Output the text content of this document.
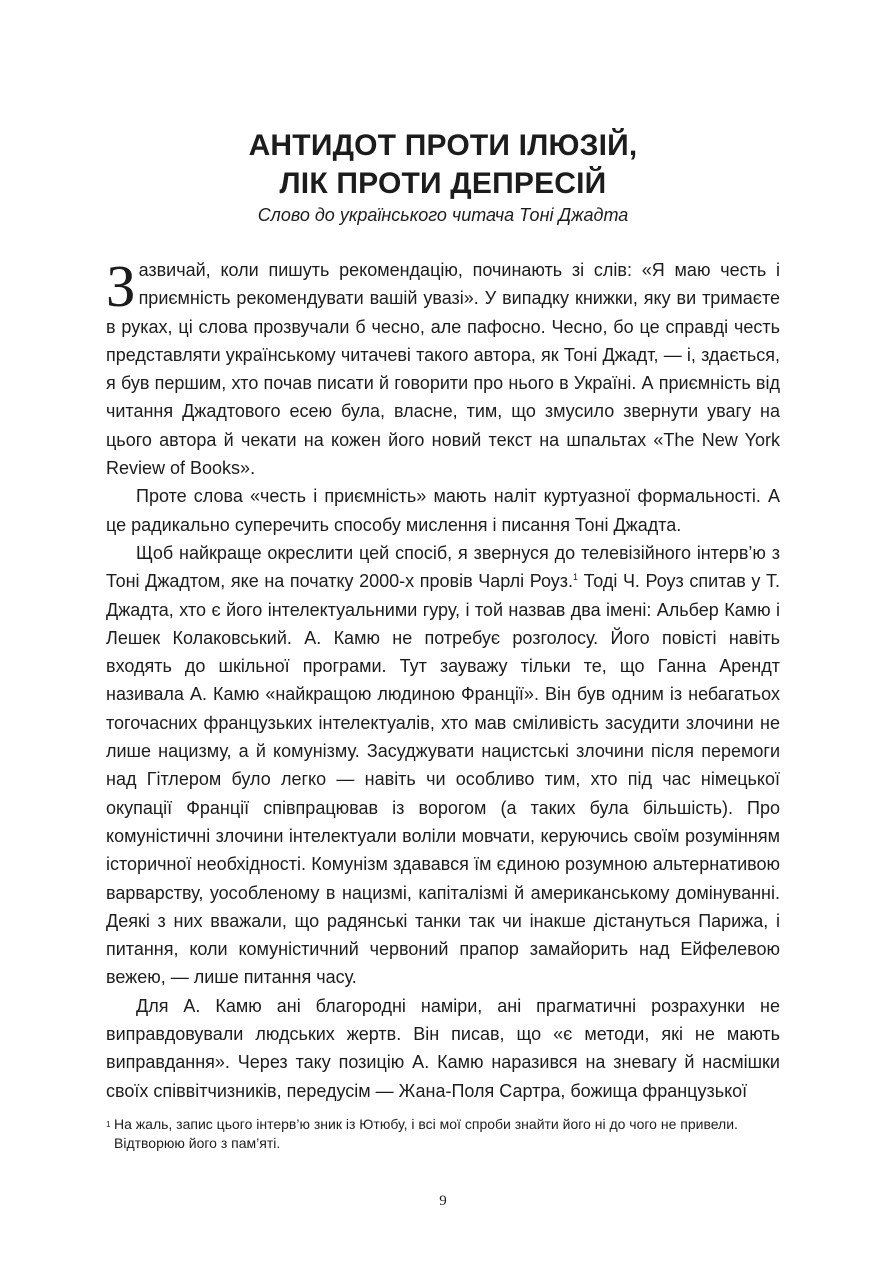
АНТИДОТ ПРОТИ ІЛЮЗІЙ,
ЛІК ПРОТИ ДЕПРЕСІЙ
Слово до українського читача Тоні Джадта

Зазвичай, коли пишуть рекомендацію, починають зі слів: «Я маю честь і приємність рекомендувати вашій увазі». У випадку книжки, яку ви тримаєте в руках, ці слова прозвучали б чесно, але пафосно. Чесно, бо це справді честь представляти українському читачеві такого автора, як Тоні Джадт, — і, здається, я був першим, хто почав писати й говорити про нього в Україні. А приємність від читання Джадтового есею була, власне, тим, що змусило звернути увагу на цього автора й чекати на кожен його новий текст на шпальтах «The New York Review of Books».

Проте слова «честь і приємність» мають наліт куртуазної формальності. А це радикально суперечить способу мислення і писання Тоні Джадта.

Щоб найкраще окреслити цей спосіб, я звернуся до телевізійного інтерв’ю з Тоні Джадтом, яке на початку 2000-х провів Чарлі Роуз.$^1$ Тоді Ч. Роуз спитав у Т. Джадта, хто є його інтелектуальними гуру, і той назвав два імені: Альбер Камю і Лешек Колаковський. А. Камю не потребує розголосу. Його повісті навіть входять до шкільної програми. Тут зауважу тільки те, що Ганна Арендт називала А. Камю «найкращою людиною Франції». Він був одним із небагатьох тогочасних французьких інтелектуалів, хто мав сміливість засудити злочини не лише нацизму, а й комунізму. Засуджувати нацистські злочини після перемоги над Гітлером було легко — навіть чи особливо тим, хто під час німецької окупації Франції співпрацював із ворогом (а таких була більшість). Про комуністичні злочини інтелектуали воліли мовчати, керуючись своїм розумінням історичної необхідності. Комунізм здавався їм єдиною розумною альтернативою варварству, уособленому в нацизмі, капіталізмі й американському домінуванні. Деякі з них вважали, що радянські танки так чи інакше дістануться Парижа, і питання, коли комуністичний червоний прапор замайорить над Ейфелевою вежею, — лише питання часу.

Для А. Камю ані благородні наміри, ані прагматичні розрахунки не виправдовували людських жертв. Він писав, що «є методи, які не мають виправдання». Через таку позицію А. Камю наразився на зневагу й насмішки своїх співвітчизників, передусім — Жана-Поля Сартра, божища французької

1 На жаль, запис цього інтерв’ю зник із Ютюбу, і всі мої спроби знайти його ні до чого не привели. Відтворюю його з пам’яті.
9
